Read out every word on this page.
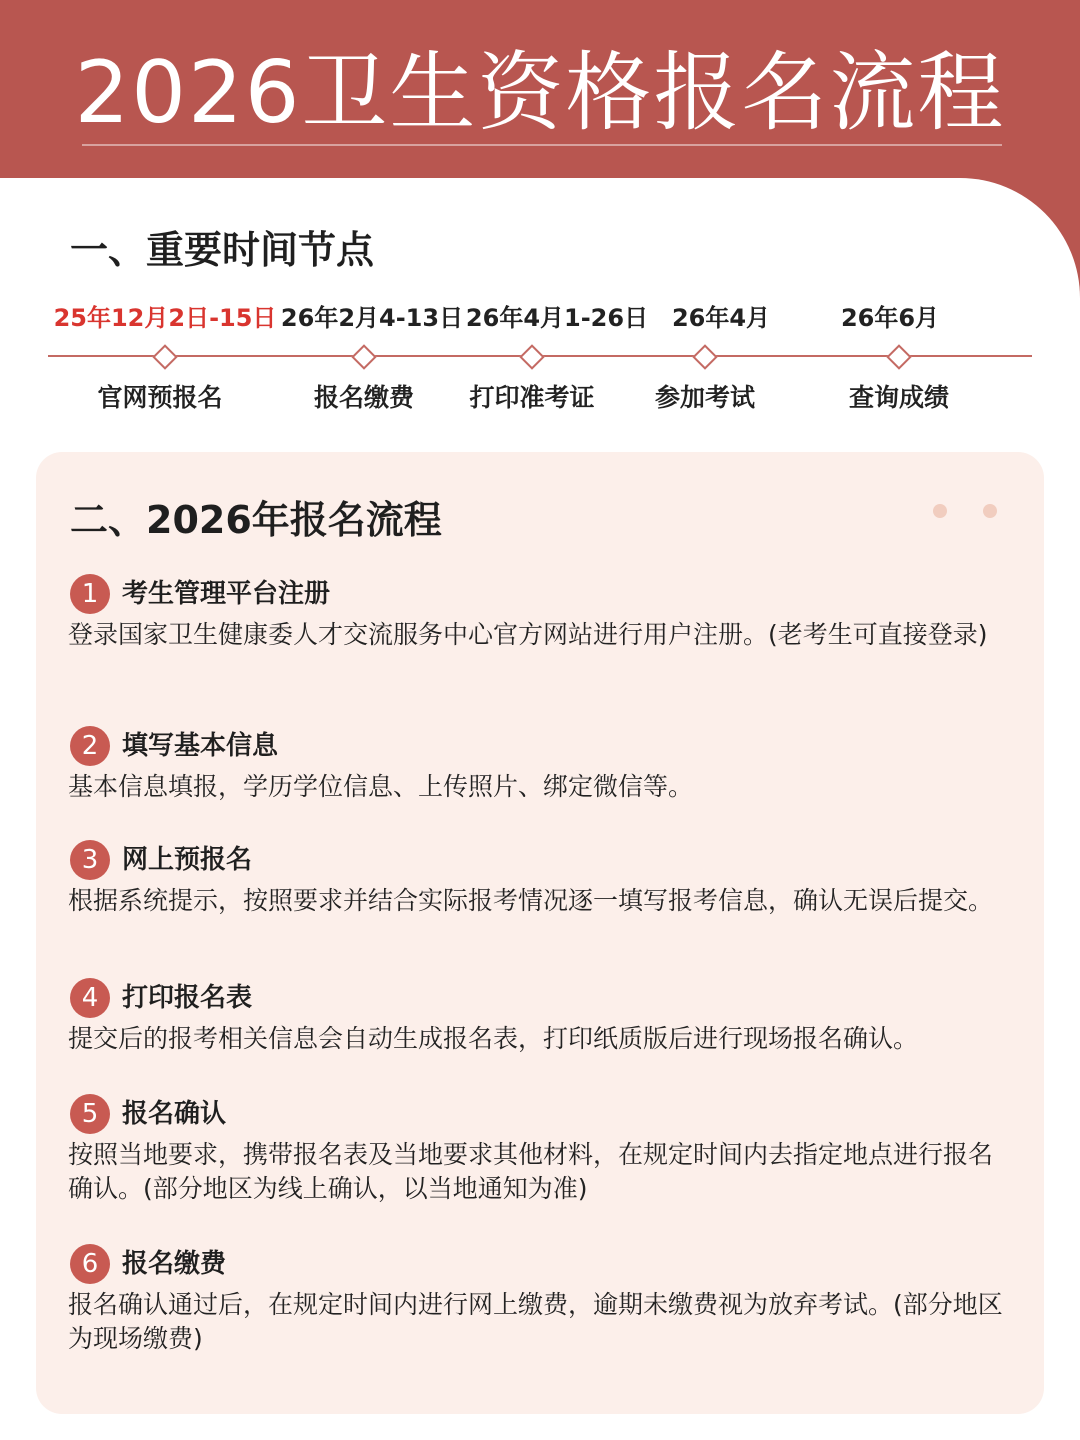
2026卫生资格报名流程
一、重要时间节点
25年12月2日-15日
官网预报名
26年2月4-13日
报名缴费
26年4月1-26日
打印准考证
26年4月
参加考试
26年6月
查询成绩
二、2026年报名流程
1 考生管理平台注册
登录国家卫生健康委人才交流服务中心官方网站进行用户注册。(老考生可直接登录)
2 填写基本信息
基本信息填报，学历学位信息、上传照片、绑定微信等。
3 网上预报名
根据系统提示，按照要求并结合实际报考情况逐一填写报考信息，确认无误后提交。
4 打印报名表
提交后的报考相关信息会自动生成报名表，打印纸质版后进行现场报名确认。
5 报名确认
按照当地要求，携带报名表及当地要求其他材料，在规定时间内去指定地点进行报名确认。(部分地区为线上确认，以当地通知为准)
6 报名缴费
报名确认通过后，在规定时间内进行网上缴费，逾期未缴费视为放弃考试。(部分地区为现场缴费)
